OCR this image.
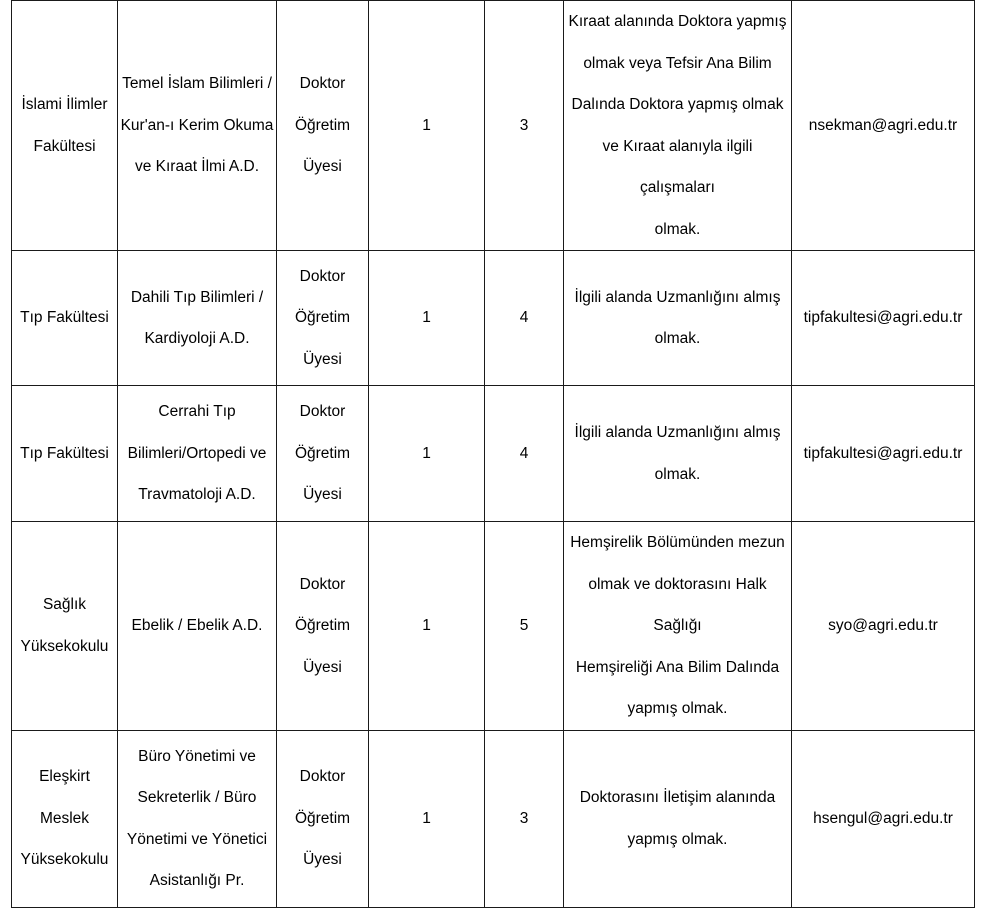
İslami İlimler
Fakültesi	Temel İslam Bilimleri /
Kur'an-ı Kerim Okuma
ve Kıraat İlmi A.D.	Doktor
Öğretim
Üyesi	1	3	Kıraat alanında Doktora yapmış
olmak veya Tefsir Ana Bilim
Dalında Doktora yapmış olmak
ve Kıraat alanıyla ilgili çalışmaları
olmak.	nsekman@agri.edu.tr
Tıp Fakültesi	Dahili Tıp Bilimleri /
Kardiyoloji A.D.	Doktor
Öğretim
Üyesi	1	4	İlgili alanda Uzmanlığını almış
olmak.	tipfakultesi@agri.edu.tr
Tıp Fakültesi	Cerrahi Tıp
Bilimleri/Ortopedi ve
Travmatoloji A.D.	Doktor
Öğretim
Üyesi	1	4	İlgili alanda Uzmanlığını almış
olmak.	tipfakultesi@agri.edu.tr
Sağlık
Yüksekokulu	Ebelik / Ebelik A.D.	Doktor
Öğretim
Üyesi	1	5	Hemşirelik Bölümünden mezun
olmak ve doktorasını Halk Sağlığı
Hemşireliği Ana Bilim Dalında
yapmış olmak.	syo@agri.edu.tr
Eleşkirt Meslek
Yüksekokulu	Büro Yönetimi ve
Sekreterlik / Büro
Yönetimi ve Yönetici
Asistanlığı Pr.	Doktor
Öğretim
Üyesi	1	3	Doktorasını İletişim alanında
yapmış olmak.	hsengul@agri.edu.tr
